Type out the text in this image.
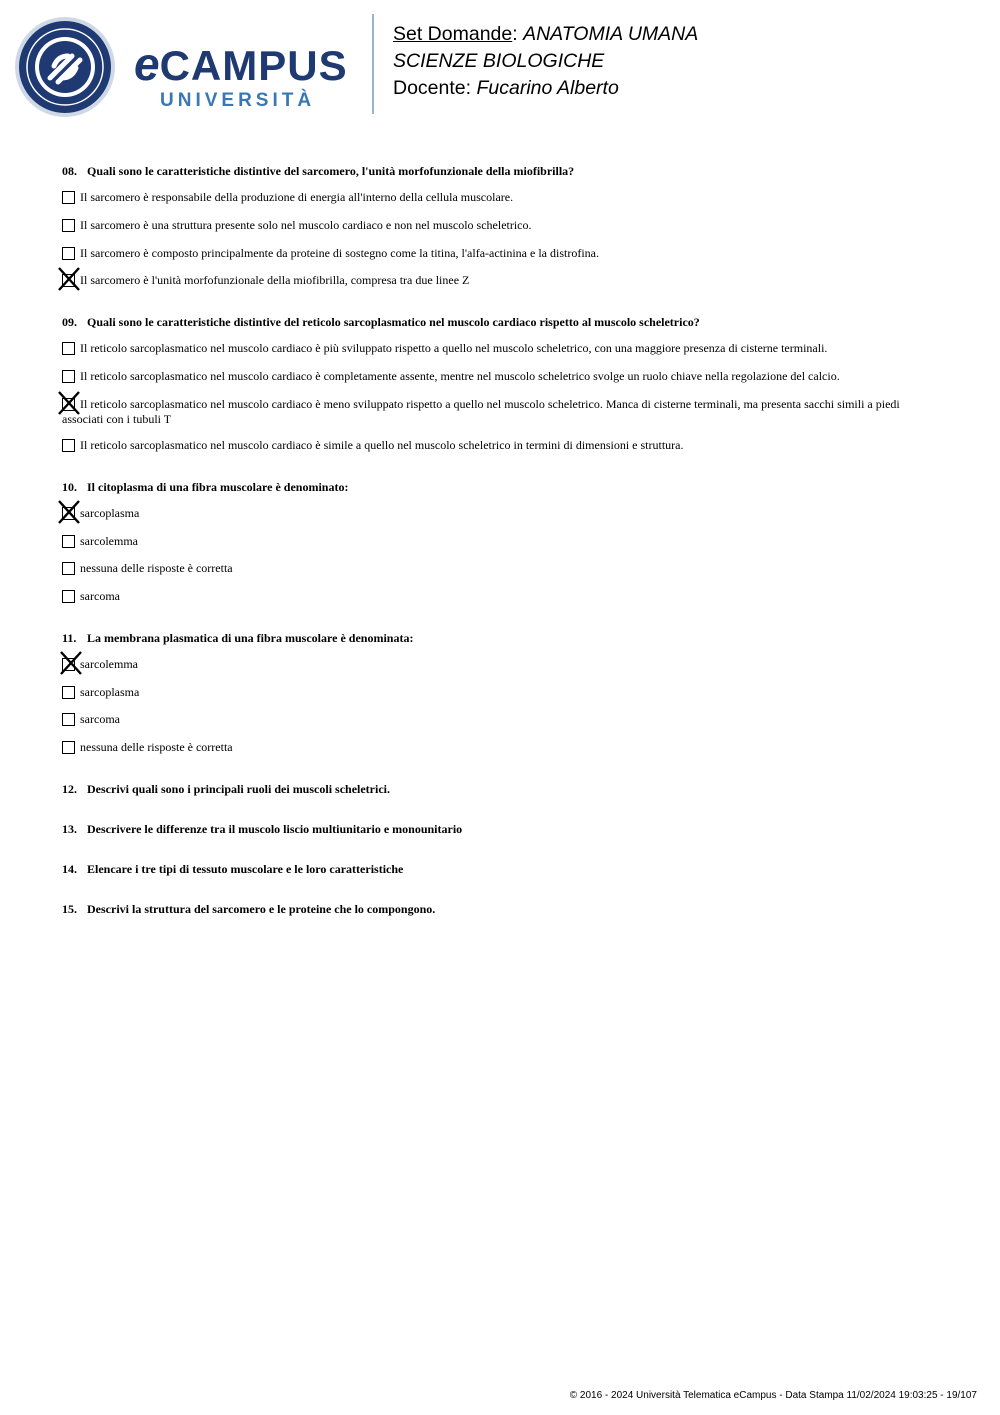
eCAMPUS
UNIVERSITÀ
Set Domande: ANATOMIA UMANA
SCIENZE BIOLOGICHE
Docente: Fucarino Alberto
08. Quali sono le caratteristiche distintive del sarcomero, l'unità morfofunzionale della miofibrilla?
Il sarcomero è responsabile della produzione di energia all'interno della cellula muscolare.
Il sarcomero è una struttura presente solo nel muscolo cardiaco e non nel muscolo scheletrico.
Il sarcomero è composto principalmente da proteine di sostegno come la titina, l'alfa-actinina e la distrofina.
Il sarcomero è l'unità morfofunzionale della miofibrilla, compresa tra due linee Z
09. Quali sono le caratteristiche distintive del reticolo sarcoplasmatico nel muscolo cardiaco rispetto al muscolo scheletrico?
Il reticolo sarcoplasmatico nel muscolo cardiaco è più sviluppato rispetto a quello nel muscolo scheletrico, con una maggiore presenza di cisterne terminali.
Il reticolo sarcoplasmatico nel muscolo cardiaco è completamente assente, mentre nel muscolo scheletrico svolge un ruolo chiave nella regolazione del calcio.
Il reticolo sarcoplasmatico nel muscolo cardiaco è meno sviluppato rispetto a quello nel muscolo scheletrico. Manca di cisterne terminali, ma presenta sacchi simili a piedi associati con i tubuli T
Il reticolo sarcoplasmatico nel muscolo cardiaco è simile a quello nel muscolo scheletrico in termini di dimensioni e struttura.
10. Il citoplasma di una fibra muscolare è denominato:
sarcoplasma
sarcolemma
nessuna delle risposte è corretta
sarcoma
11. La membrana plasmatica di una fibra muscolare è denominata:
sarcolemma
sarcoplasma
sarcoma
nessuna delle risposte è corretta
12. Descrivi quali sono i principali ruoli dei muscoli scheletrici.
13. Descrivere le differenze tra il muscolo liscio multiunitario e monounitario
14. Elencare i tre tipi di tessuto muscolare e le loro caratteristiche
15. Descrivi la struttura del sarcomero e le proteine che lo compongono.
© 2016 - 2024 Università Telematica eCampus - Data Stampa 11/02/2024 19:03:25 - 19/107
